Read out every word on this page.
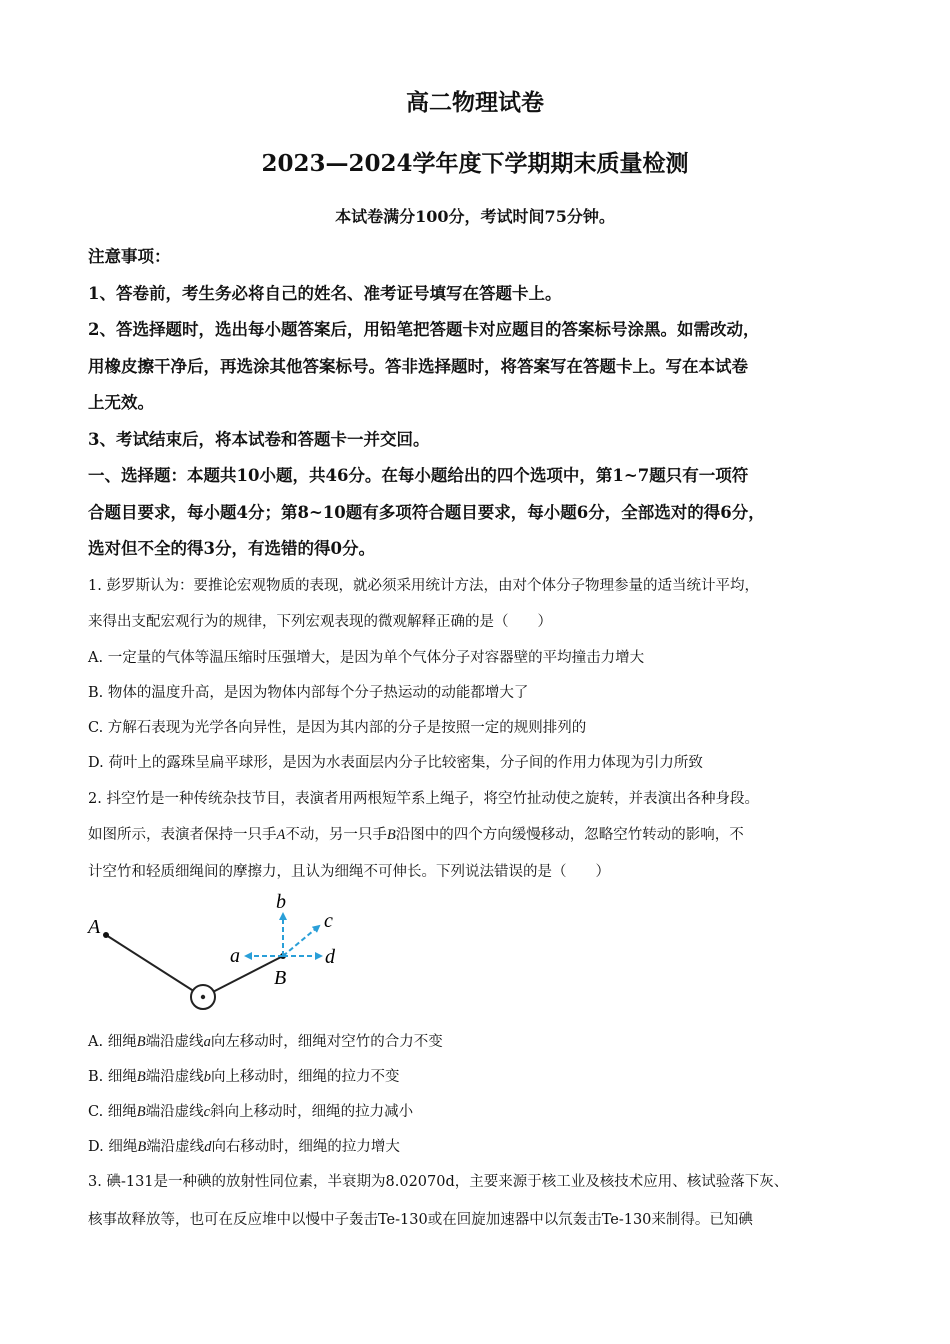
高二物理试卷
2023—2024学年度下学期期末质量检测
本试卷满分100分，考试时间75分钟。
注意事项：
1、答卷前，考生务必将自己的姓名、准考证号填写在答题卡上。
2、答选择题时，选出每小题答案后，用铅笔把答题卡对应题目的答案标号涂黑。如需改动，
用橡皮擦干净后，再选涂其他答案标号。答非选择题时，将答案写在答题卡上。写在本试卷
上无效。
3、考试结束后，将本试卷和答题卡一并交回。
一、选择题：本题共10小题，共46分。在每小题给出的四个选项中，第1~7题只有一项符
合题目要求，每小题4分；第8~10题有多项符合题目要求，每小题6分，全部选对的得6分，
选对但不全的得3分，有选错的得0分。
1. 彭罗斯认为：要推论宏观物质的表现，就必须采用统计方法，由对个体分子物理参量的适当统计平均，
来得出支配宏观行为的规律，下列宏观表现的微观解释正确的是（　　）
A. 一定量的气体等温压缩时压强增大，是因为单个气体分子对容器壁的平均撞击力增大
B. 物体的温度升高，是因为物体内部每个分子热运动的动能都增大了
C. 方解石表现为光学各向异性，是因为其内部的分子是按照一定的规则排列的
D. 荷叶上的露珠呈扁平球形，是因为水表面层内分子比较密集，分子间的作用力体现为引力所致
2. 抖空竹是一种传统杂技节目，表演者用两根短竿系上绳子，将空竹扯动使之旋转，并表演出各种身段。
如图所示，表演者保持一只手A不动，另一只手B沿图中的四个方向缓慢移动，忽略空竹转动的影响，不
计空竹和轻质细绳间的摩擦力，且认为细绳不可伸长。下列说法错误的是（　　）
A
B
a
b
c
d
A. 细绳B端沿虚线a向左移动时，细绳对空竹的合力不变
B. 细绳B端沿虚线b向上移动时，细绳的拉力不变
C. 细绳B端沿虚线c斜向上移动时，细绳的拉力减小
D. 细绳B端沿虚线d向右移动时，细绳的拉力增大
3. 碘-131是一种碘的放射性同位素，半衰期为8.02070d，主要来源于核工业及核技术应用、核试验落下灰、
核事故释放等，也可在反应堆中以慢中子轰击Te-130或在回旋加速器中以氘轰击Te-130来制得。已知碘
